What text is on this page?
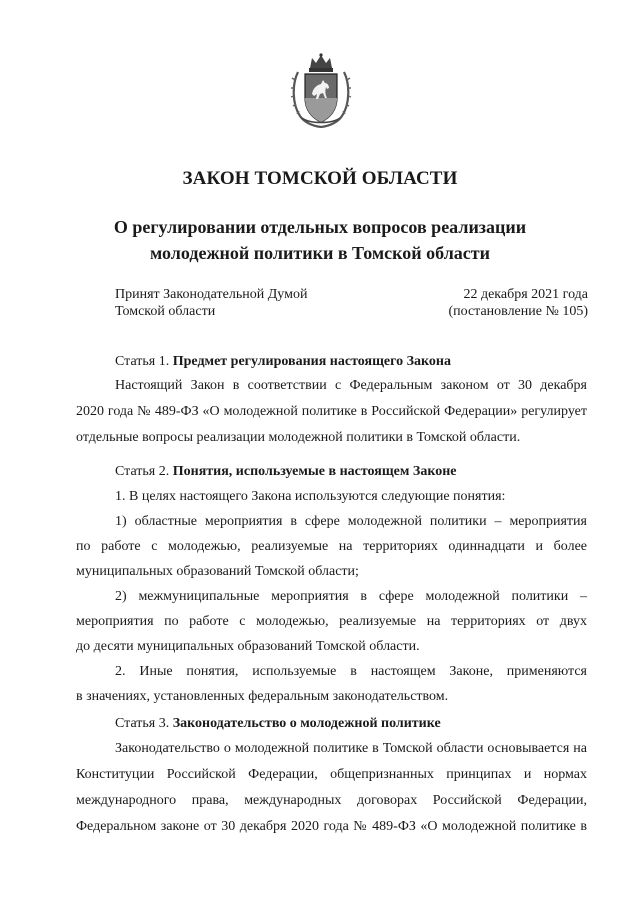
ЗАКОН ТОМСКОЙ ОБЛАСТИ
О регулировании отдельных вопросов реализации
молодежной политики в Томской области
Принят Законодательной Думой
Томской области
22 декабря 2021 года
(постановление № 105)
Статья 1. Предмет регулирования настоящего Закона
Настоящий Закон в соответствии с Федеральным законом от 30 декабря
2020 года № 489-ФЗ «О молодежной политике в Российской Федерации» регулирует
отдельные вопросы реализации молодежной политики в Томской области.
Статья 2. Понятия, используемые в настоящем Законе
1. В целях настоящего Закона используются следующие понятия:
1) областные мероприятия в сфере молодежной политики – мероприятия
по работе с молодежью, реализуемые на территориях одиннадцати и более
муниципальных образований Томской области;
2) межмуниципальные мероприятия в сфере молодежной политики –
мероприятия по работе с молодежью, реализуемые на территориях от двух
до десяти муниципальных образований Томской области.
2. Иные понятия, используемые в настоящем Законе, применяются
в значениях, установленных федеральным законодательством.
Статья 3. Законодательство о молодежной политике
Законодательство о молодежной политике в Томской области основывается на
Конституции Российской Федерации, общепризнанных принципах и нормах
международного права, международных договорах Российской Федерации,
Федеральном законе от 30 декабря 2020 года № 489-ФЗ «О молодежной политике в
